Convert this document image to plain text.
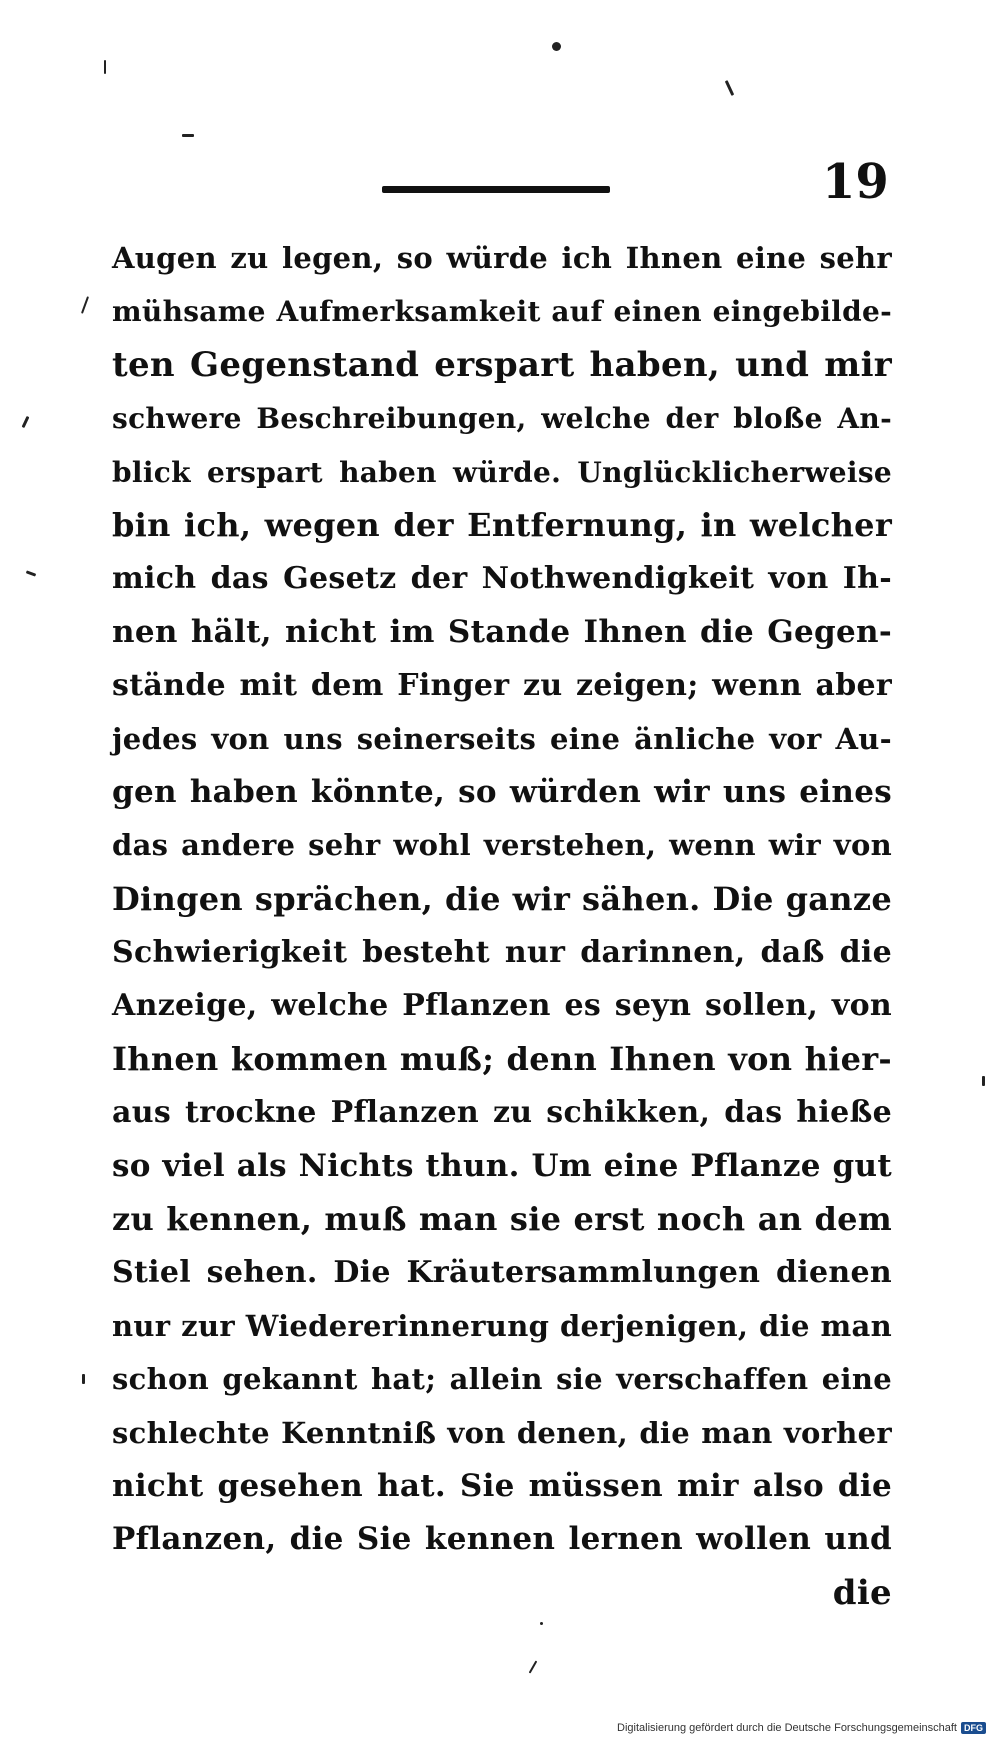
19
Augen zu legen, so würde ich Ihnen eine sehr
mühsame Aufmerksamkeit auf einen eingebilde-
ten Gegenstand erspart haben, und mir
schwere Beschreibungen, welche der bloße An-
blick erspart haben würde. Unglücklicherweise
bin ich, wegen der Entfernung, in welcher
mich das Gesetz der Nothwendigkeit von Ih-
nen hält, nicht im Stande Ihnen die Gegen-
stände mit dem Finger zu zeigen; wenn aber
jedes von uns seinerseits eine änliche vor Au-
gen haben könnte, so würden wir uns eines
das andere sehr wohl verstehen, wenn wir von
Dingen sprächen, die wir sähen. Die ganze
Schwierigkeit besteht nur darinnen, daß die
Anzeige, welche Pflanzen es seyn sollen, von
Ihnen kommen muß; denn Ihnen von hier-
aus trockne Pflanzen zu schikken, das hieße
so viel als Nichts thun. Um eine Pflanze gut
zu kennen, muß man sie erst noch an dem
Stiel sehen. Die Kräutersammlungen dienen
nur zur Wiedererinnerung derjenigen, die man
schon gekannt hat; allein sie verschaffen eine
schlechte Kenntniß von denen, die man vorher
nicht gesehen hat. Sie müssen mir also die
Pflanzen, die Sie kennen lernen wollen und
die
Digitalisierung gefördert durch die Deutsche Forschungsgemeinschaft DFG
